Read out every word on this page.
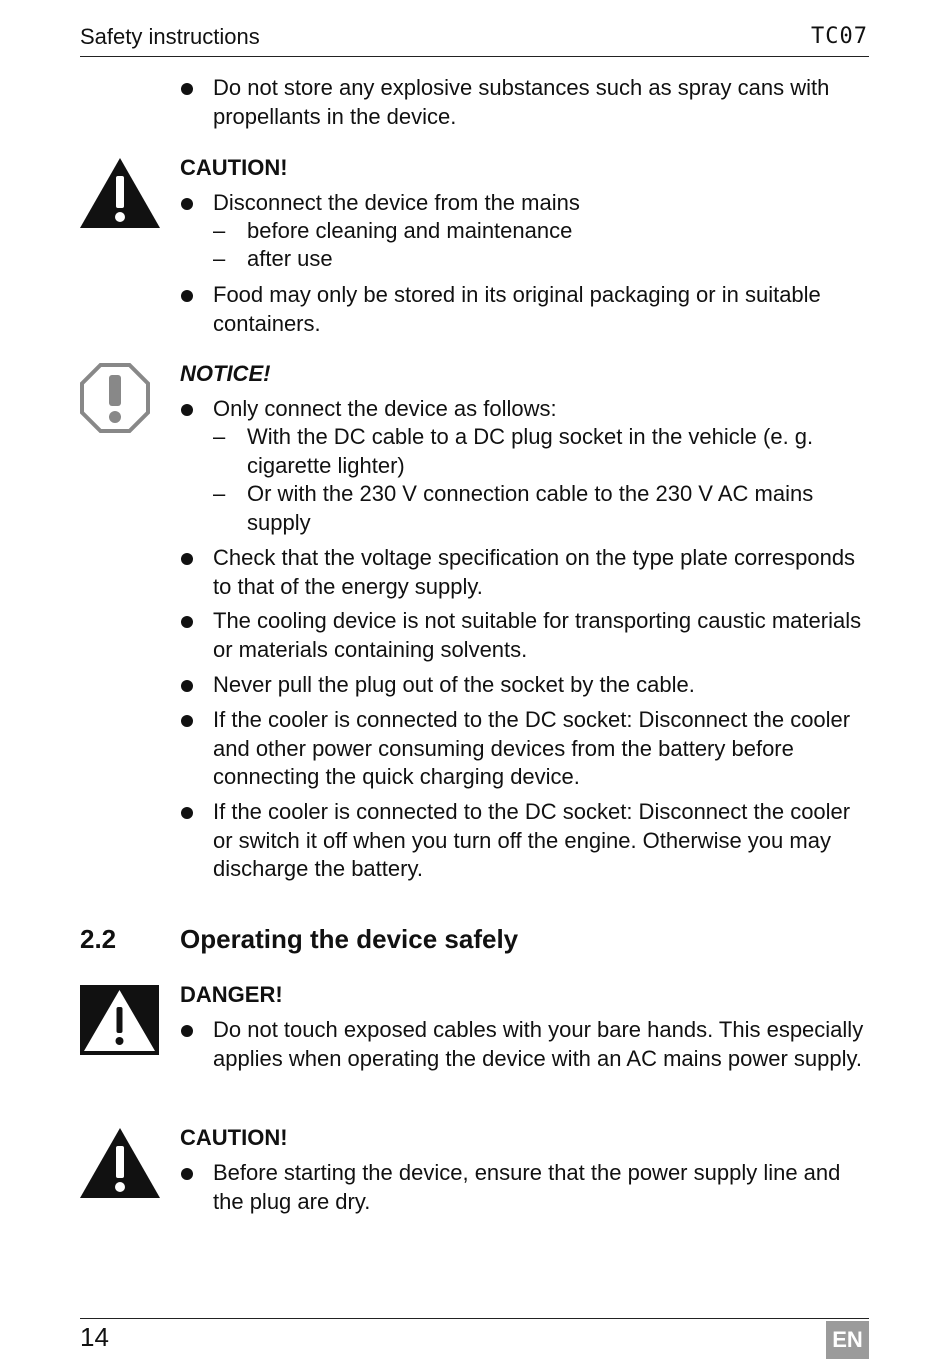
Safety instructions	TC07
Do not store any explosive substances such as spray cans with propellants in the device.
CAUTION!
Disconnect the device from the mains
– before cleaning and maintenance
– after use
Food may only be stored in its original packaging or in suitable containers.
NOTICE!
Only connect the device as follows:
– With the DC cable to a DC plug socket in the vehicle (e. g. cigarette lighter)
– Or with the 230 V connection cable to the 230 V AC mains supply
Check that the voltage specification on the type plate corresponds to that of the energy supply.
The cooling device is not suitable for transporting caustic materials or materials containing solvents.
Never pull the plug out of the socket by the cable.
If the cooler is connected to the DC socket: Disconnect the cooler and other power consuming devices from the battery before connecting the quick charging device.
If the cooler is connected to the DC socket: Disconnect the cooler or switch it off when you turn off the engine. Otherwise you may discharge the battery.
2.2 Operating the device safely
DANGER!
Do not touch exposed cables with your bare hands. This especially applies when operating the device with an AC mains power supply.
CAUTION!
Before starting the device, ensure that the power supply line and the plug are dry.
14	EN
